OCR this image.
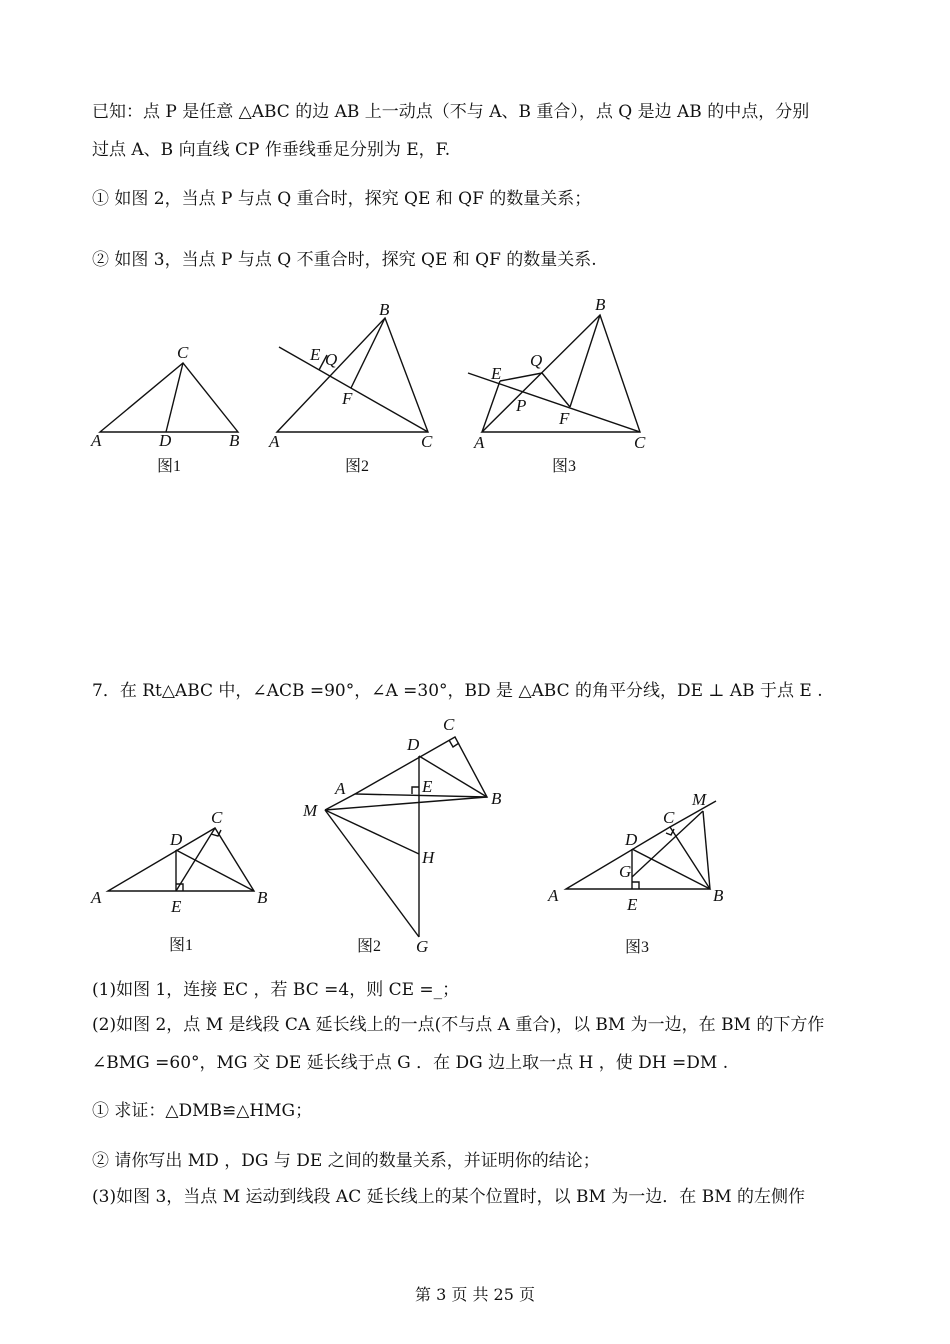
已知：点 P 是任意 △ABC 的边 AB 上一动点（不与 A、B 重合），点 Q 是边 AB 的中点，分别
过点 A、B 向直线 CP 作垂线垂足分别为 E，F.
① 如图 2，当点 P 与点 Q 重合时，探究 QE 和 QF 的数量关系；
② 如图 3，当点 P 与点 Q 不重合时，探究 QE 和 QF 的数量关系.
C
A	D	B
图1
B
E Q
F
A	C
图2
B
E
Q
P
F
A	C
图3
7．在 Rt△ABC 中，∠ACB =90°，∠A =30°，BD 是 △ABC 的角平分线，DE ⊥ AB 于点 E .
C
D
A	E	B
图1
C
D
A	E
B
M
H
G
图2
M
C
D
G
A	E	B
图3
(1)如图 1，连接 EC ，若 BC =4，则 CE =_；
(2)如图 2，点 M 是线段 CA 延长线上的一点(不与点 A 重合)，以 BM 为一边，在 BM 的下方作
∠BMG =60°，MG 交 DE 延长线于点 G ．在 DG 边上取一点 H ，使 DH =DM .
① 求证：△DMB≌△HMG；
② 请你写出 MD ，DG 与 DE 之间的数量关系，并证明你的结论；
(3)如图 3，当点 M 运动到线段 AC 延长线上的某个位置时，以 BM 为一边．在 BM 的左侧作
第 3 页 共 25 页
